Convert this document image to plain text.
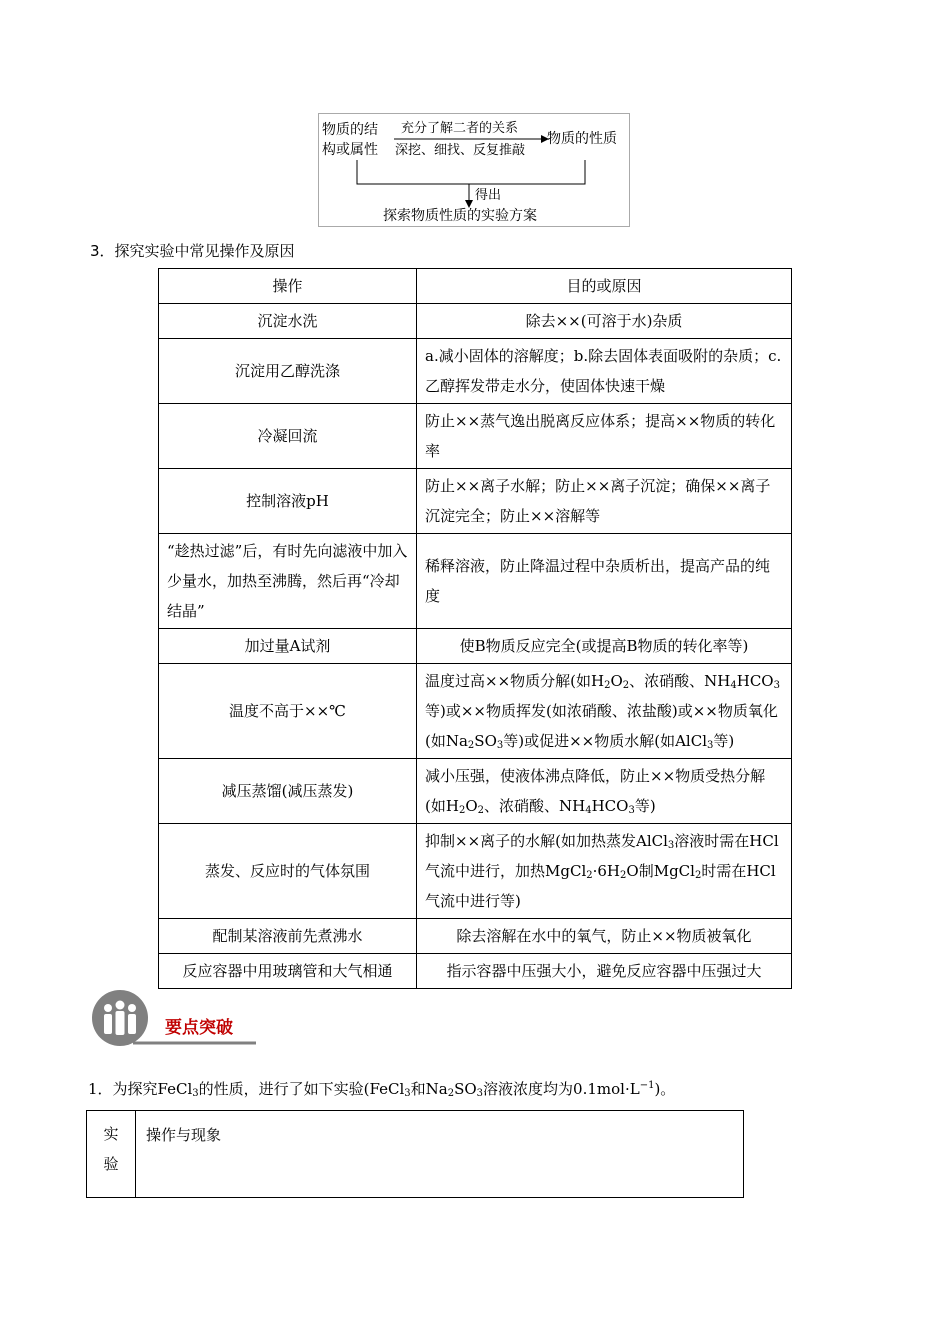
物质的结
构或属性
充分了解二者的关系
深挖、细找、反复推敲
物质的性质
得出
探索物质性质的实验方案
3．探究实验中常见操作及原因
操作	目的或原因
沉淀水洗	除去××(可溶于水)杂质
沉淀用乙醇洗涤	a.减小固体的溶解度；b.除去固体表面吸附的杂质；c.乙醇挥发带走水分，使固体快速干燥
冷凝回流	防止××蒸气逸出脱离反应体系；提高××物质的转化率
控制溶液pH	防止××离子水解；防止××离子沉淀；确保××离子沉淀完全；防止××溶解等
“趁热过滤”后，有时先向滤液中加入少量水，加热至沸腾，然后再“冷却结晶”	稀释溶液，防止降温过程中杂质析出，提高产品的纯度
加过量A试剂	使B物质反应完全(或提高B物质的转化率等)
温度不高于××℃	温度过高××物质分解(如$H_2O_2$、浓硝酸、$NH_4HCO_3$等)或××物质挥发(如浓硝酸、浓盐酸)或××物质氧化(如$Na_2SO_3$等)或促进××物质水解(如AlCl$_3$等)
减压蒸馏(减压蒸发)	减小压强，使液体沸点降低，防止××物质受热分解(如$H_2O_2$、浓硝酸、$NH_4HCO_3$等)
蒸发、反应时的气体氛围	抑制××离子的水解(如加热蒸发AlCl$_3$溶液时需在HCl气流中进行，加热$MgCl_2\cdot 6H_2O$制MgCl$_2$时需在HCl气流中进行等)
配制某溶液前先煮沸水	除去溶解在水中的氧气，防止××物质被氧化
反应容器中用玻璃管和大气相通	指示容器中压强大小，避免反应容器中压强过大
要点突破
1．为探究FeCl$_3$的性质，进行了如下实验(FeCl$_3$和$Na_2SO_3$溶液浓度均为$0.1mol\cdot L^{-1}$)。
实
验
	操作与现象
